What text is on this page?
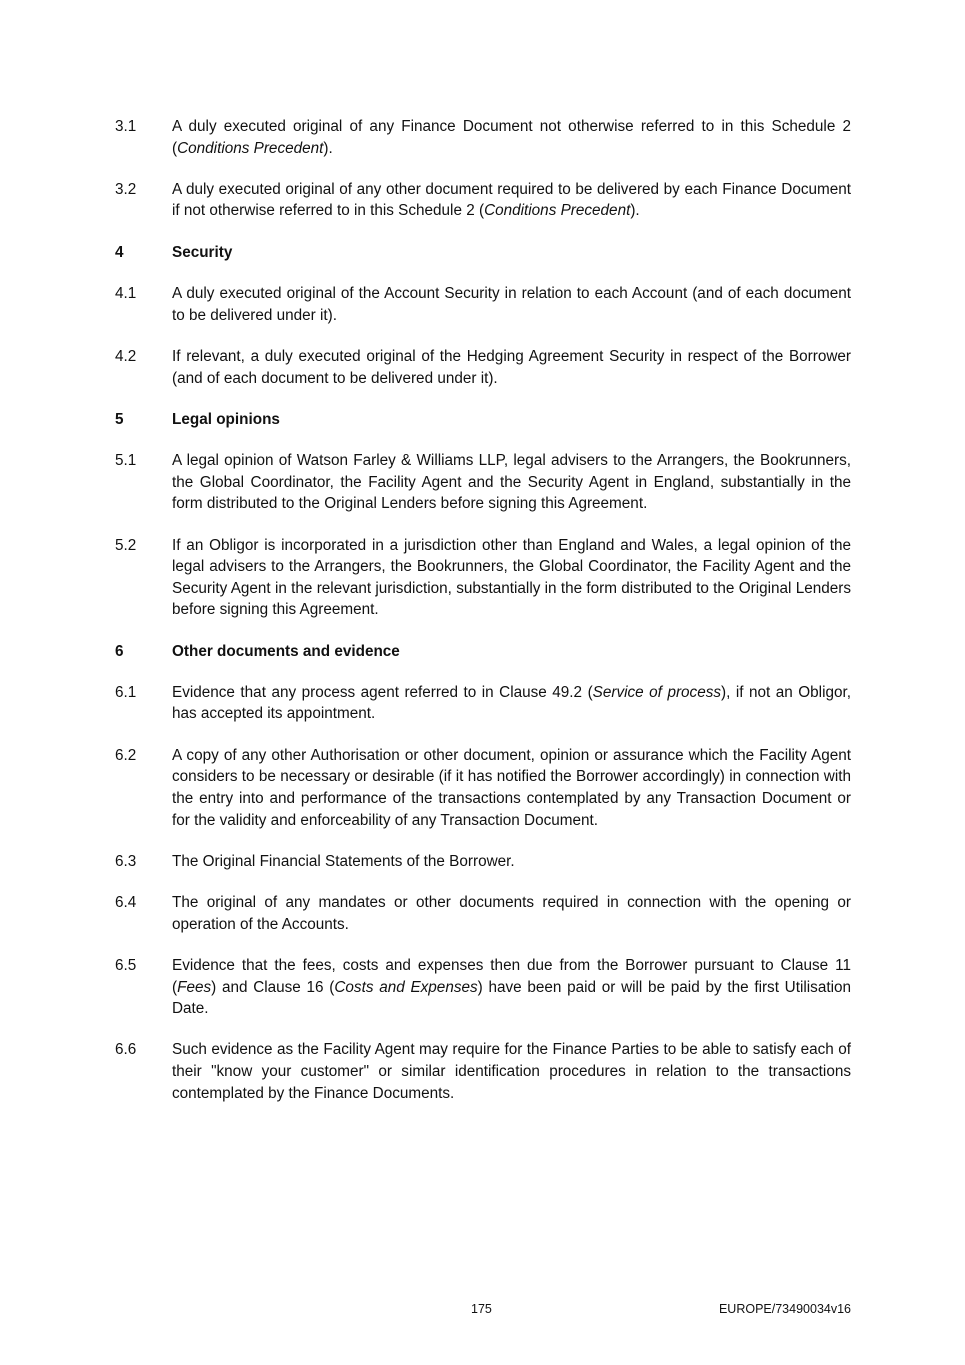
3.1	A duly executed original of any Finance Document not otherwise referred to in this Schedule 2 (Conditions Precedent).
3.2	A duly executed original of any other document required to be delivered by each Finance Document if not otherwise referred to in this Schedule 2 (Conditions Precedent).
4	Security
4.1	A duly executed original of the Account Security in relation to each Account (and of each document to be delivered under it).
4.2	If relevant, a duly executed original of the Hedging Agreement Security in respect of the Borrower (and of each document to be delivered under it).
5	Legal opinions
5.1	A legal opinion of Watson Farley & Williams LLP, legal advisers to the Arrangers, the Bookrunners, the Global Coordinator, the Facility Agent and the Security Agent in England, substantially in the form distributed to the Original Lenders before signing this Agreement.
5.2	If an Obligor is incorporated in a jurisdiction other than England and Wales, a legal opinion of the legal advisers to the Arrangers, the Bookrunners, the Global Coordinator, the Facility Agent and the Security Agent in the relevant jurisdiction, substantially in the form distributed to the Original Lenders before signing this Agreement.
6	Other documents and evidence
6.1	Evidence that any process agent referred to in Clause 49.2 (Service of process), if not an Obligor, has accepted its appointment.
6.2	A copy of any other Authorisation or other document, opinion or assurance which the Facility Agent considers to be necessary or desirable (if it has notified the Borrower accordingly) in connection with the entry into and performance of the transactions contemplated by any Transaction Document or for the validity and enforceability of any Transaction Document.
6.3	The Original Financial Statements of the Borrower.
6.4	The original of any mandates or other documents required in connection with the opening or operation of the Accounts.
6.5	Evidence that the fees, costs and expenses then due from the Borrower pursuant to Clause 11 (Fees) and Clause 16 (Costs and Expenses) have been paid or will be paid by the first Utilisation Date.
6.6	Such evidence as the Facility Agent may require for the Finance Parties to be able to satisfy each of their "know your customer" or similar identification procedures in relation to the transactions contemplated by the Finance Documents.
175	EUROPE/73490034v16
